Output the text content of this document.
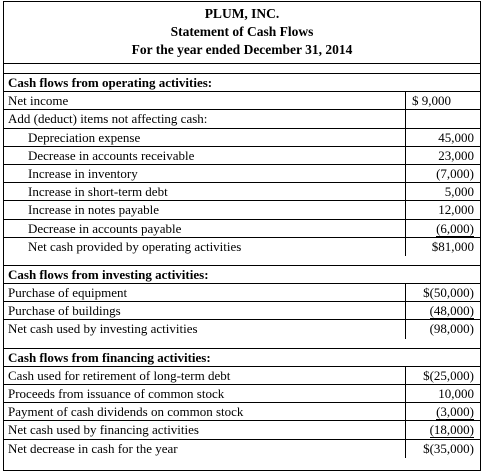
PLUM, INC.
Statement of Cash Flows
For the year ended December 31, 2014
Cash flows from operating activities:
Net income	$ 9,000
Add (deduct) items not affecting cash:
Depreciation expense	45,000
Decrease in accounts receivable	23,000
Increase in inventory	(7,000)
Increase in short-term debt	5,000
Increase in notes payable	12,000
Decrease in accounts payable	(6,000)
Net cash provided by operating activities	$81,000
Cash flows from investing activities:
Purchase of equipment	$(50,000)
Purchase of buildings	(48,000)
Net cash used by investing activities	(98,000)
Cash flows from financing activities:
Cash used for retirement of long-term debt	$(25,000)
Proceeds from issuance of common stock	10,000
Payment of cash dividends on common stock	(3,000)
Net cash used by financing activities	(18,000)
Net decrease in cash for the year	$(35,000)
